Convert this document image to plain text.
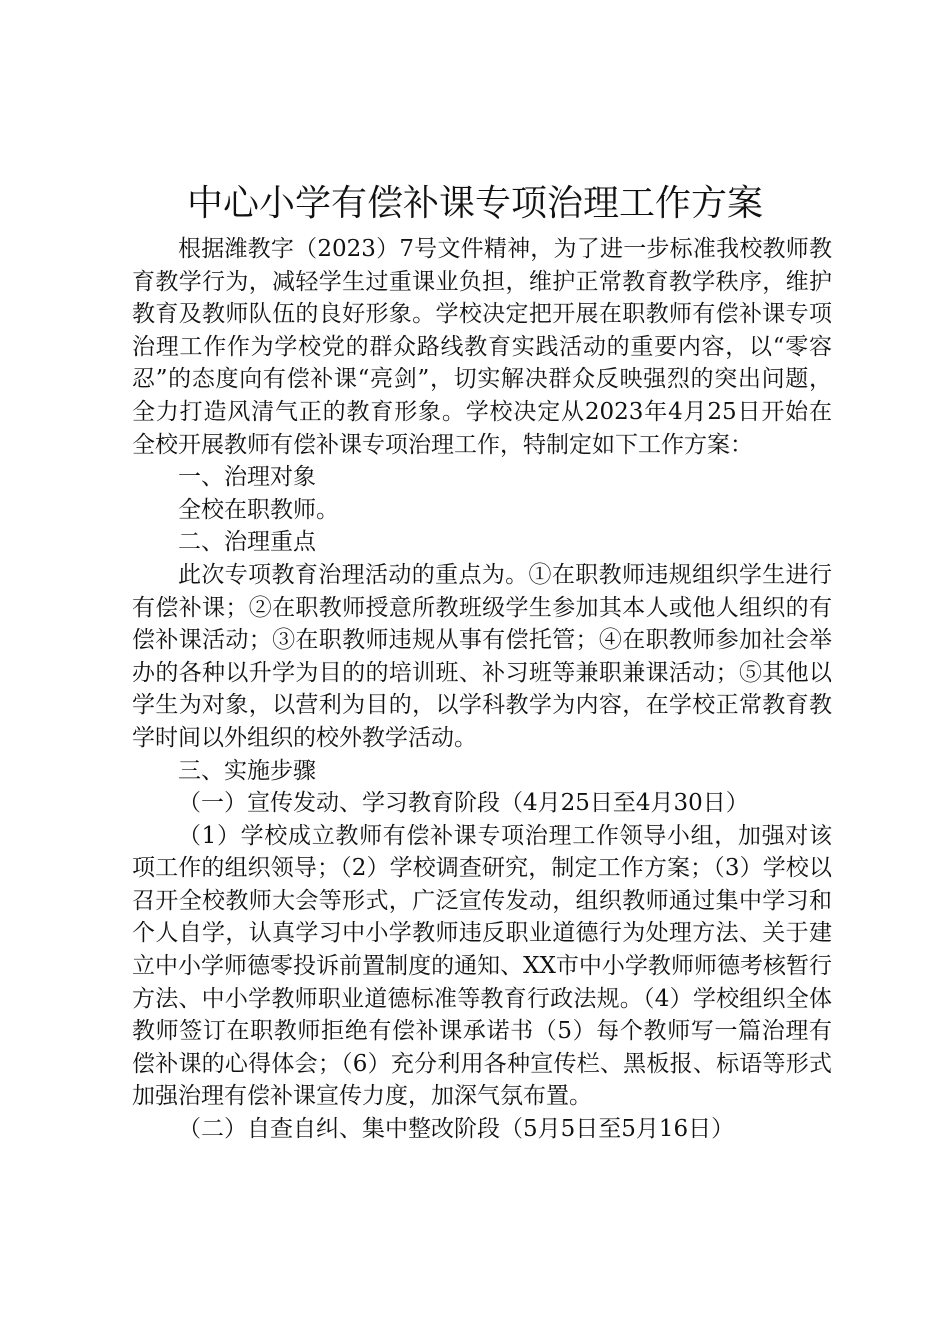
中心小学有偿补课专项治理工作方案

根据潍教字（2023）7号文件精神，为了进一步标准我校教师教育教学行为，减轻学生过重课业负担，维护正常教育教学秩序，维护教育及教师队伍的良好形象。学校决定把开展在职教师有偿补课专项治理工作作为学校党的群众路线教育实践活动的重要内容，以“零容忍”的态度向有偿补课“亮剑”，切实解决群众反映强烈的突出问题，全力打造风清气正的教育形象。学校决定从2023年4月25日开始在全校开展教师有偿补课专项治理工作，特制定如下工作方案：

一、治理对象

全校在职教师。

二、治理重点

此次专项教育治理活动的重点为。①在职教师违规组织学生进行有偿补课；②在职教师授意所教班级学生参加其本人或他人组织的有偿补课活动；③在职教师违规从事有偿托管；④在职教师参加社会举办的各种以升学为目的的培训班、补习班等兼职兼课活动；⑤其他以学生为对象，以营利为目的，以学科教学为内容，在学校正常教育教学时间以外组织的校外教学活动。

三、实施步骤

（一）宣传发动、学习教育阶段（4月25日至4月30日）

（1）学校成立教师有偿补课专项治理工作领导小组，加强对该项工作的组织领导；（2）学校调查研究，制定工作方案；（3）学校以召开全校教师大会等形式，广泛宣传发动，组织教师通过集中学习和个人自学，认真学习中小学教师违反职业道德行为处理方法、关于建立中小学师德零投诉前置制度的通知、XX市中小学教师师德考核暂行方法、中小学教师职业道德标准等教育行政法规。（4）学校组织全体教师签订在职教师拒绝有偿补课承诺书（5）每个教师写一篇治理有偿补课的心得体会；（6）充分利用各种宣传栏、黑板报、标语等形式加强治理有偿补课宣传力度，加深气氛布置。

（二）自查自纠、集中整改阶段（5月5日至5月16日）
